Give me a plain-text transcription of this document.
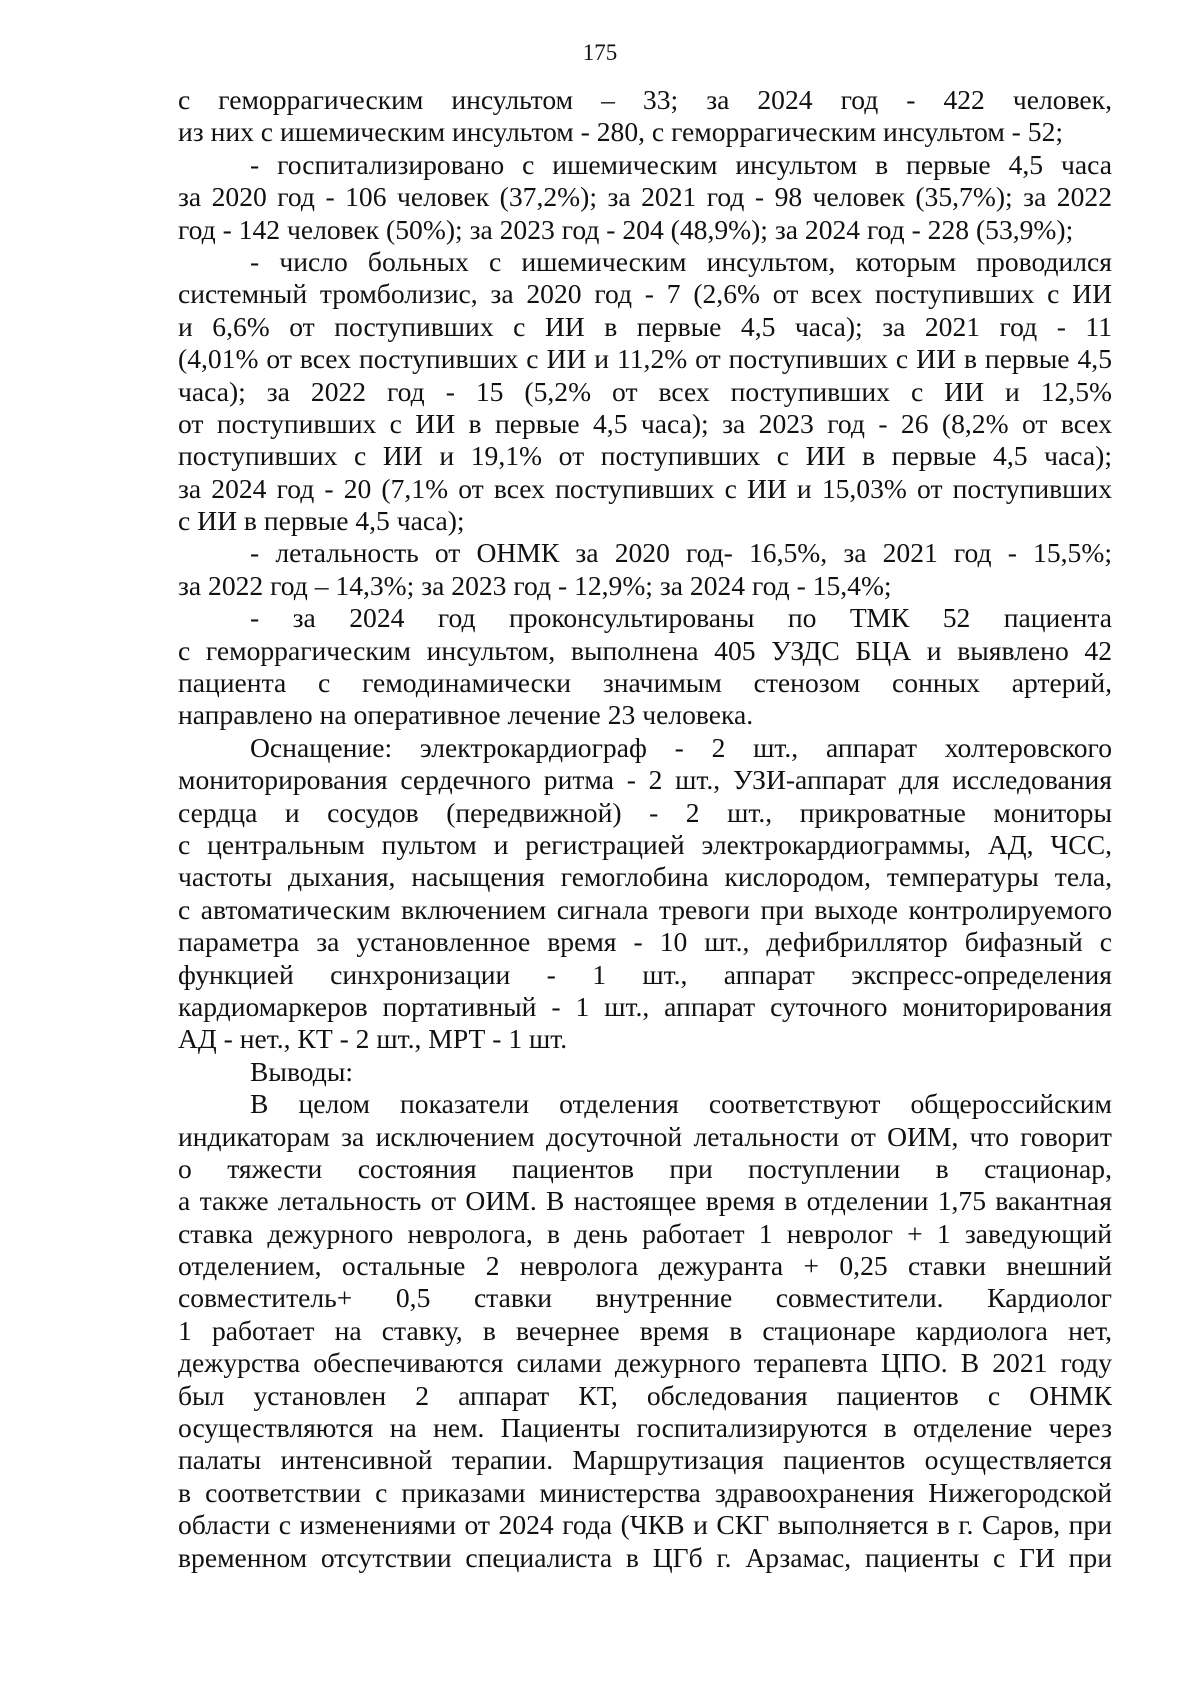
175
с геморрагическим инсультом – 33; за 2024 год - 422 человек,
из них с ишемическим инсультом - 280, с геморрагическим инсультом - 52;
- госпитализировано с ишемическим инсультом в первые 4,5 часа
за 2020 год - 106 человек (37,2%); за 2021 год - 98 человек (35,7%); за 2022
год - 142 человек (50%); за 2023 год - 204 (48,9%); за 2024 год - 228 (53,9%);
- число больных с ишемическим инсультом, которым проводился
системный тромболизис, за 2020 год - 7 (2,6% от всех поступивших с ИИ
и 6,6% от поступивших с ИИ в первые 4,5 часа); за 2021 год - 11
(4,01% от всех поступивших с ИИ и 11,2% от поступивших с ИИ в первые 4,5
часа); за 2022 год - 15 (5,2% от всех поступивших с ИИ и 12,5%
от поступивших с ИИ в первые 4,5 часа); за 2023 год - 26 (8,2% от всех
поступивших с ИИ и 19,1% от поступивших с ИИ в первые 4,5 часа);
за 2024 год - 20 (7,1% от всех поступивших с ИИ и 15,03% от поступивших
с ИИ в первые 4,5 часа);
- летальность от ОНМК за 2020 год- 16,5%, за 2021 год - 15,5%;
за 2022 год – 14,3%; за 2023 год - 12,9%; за 2024 год - 15,4%;
- за 2024 год проконсультированы по ТМК 52 пациента
с геморрагическим инсультом, выполнена 405 УЗДС БЦА и выявлено 42
пациента с гемодинамически значимым стенозом сонных артерий,
направлено на оперативное лечение 23 человека.
Оснащение: электрокардиограф - 2 шт., аппарат холтеровского
мониторирования сердечного ритма - 2 шт., УЗИ-аппарат для исследования
сердца и сосудов (передвижной) - 2 шт., прикроватные мониторы
с центральным пультом и регистрацией электрокардиограммы, АД, ЧСС,
частоты дыхания, насыщения гемоглобина кислородом, температуры тела,
с автоматическим включением сигнала тревоги при выходе контролируемого
параметра за установленное время - 10 шт., дефибриллятор бифазный с
функцией синхронизации - 1 шт., аппарат экспресс-определения
кардиомаркеров портативный - 1 шт., аппарат суточного мониторирования
АД - нет., КТ - 2 шт., МРТ - 1 шт.
Выводы:
В целом показатели отделения соответствуют общероссийским
индикаторам за исключением досуточной летальности от ОИМ, что говорит
о тяжести состояния пациентов при поступлении в стационар,
а также летальность от ОИМ. В настоящее время в отделении 1,75 вакантная
ставка дежурного невролога, в день работает 1 невролог + 1 заведующий
отделением, остальные 2 невролога дежуранта + 0,25 ставки внешний
совместитель+ 0,5 ставки внутренние совместители. Кардиолог
1 работает на ставку, в вечернее время в стационаре кардиолога нет,
дежурства обеспечиваются силами дежурного терапевта ЦПО. В 2021 году
был установлен 2 аппарат КТ, обследования пациентов с ОНМК
осуществляются на нем. Пациенты госпитализируются в отделение через
палаты интенсивной терапии. Маршрутизация пациентов осуществляется
в соответствии с приказами министерства здравоохранения Нижегородской
области с изменениями от 2024 года (ЧКВ и СКГ выполняется в г. Саров, при
временном отсутствии специалиста в ЦГб г. Арзамас, пациенты с ГИ при
